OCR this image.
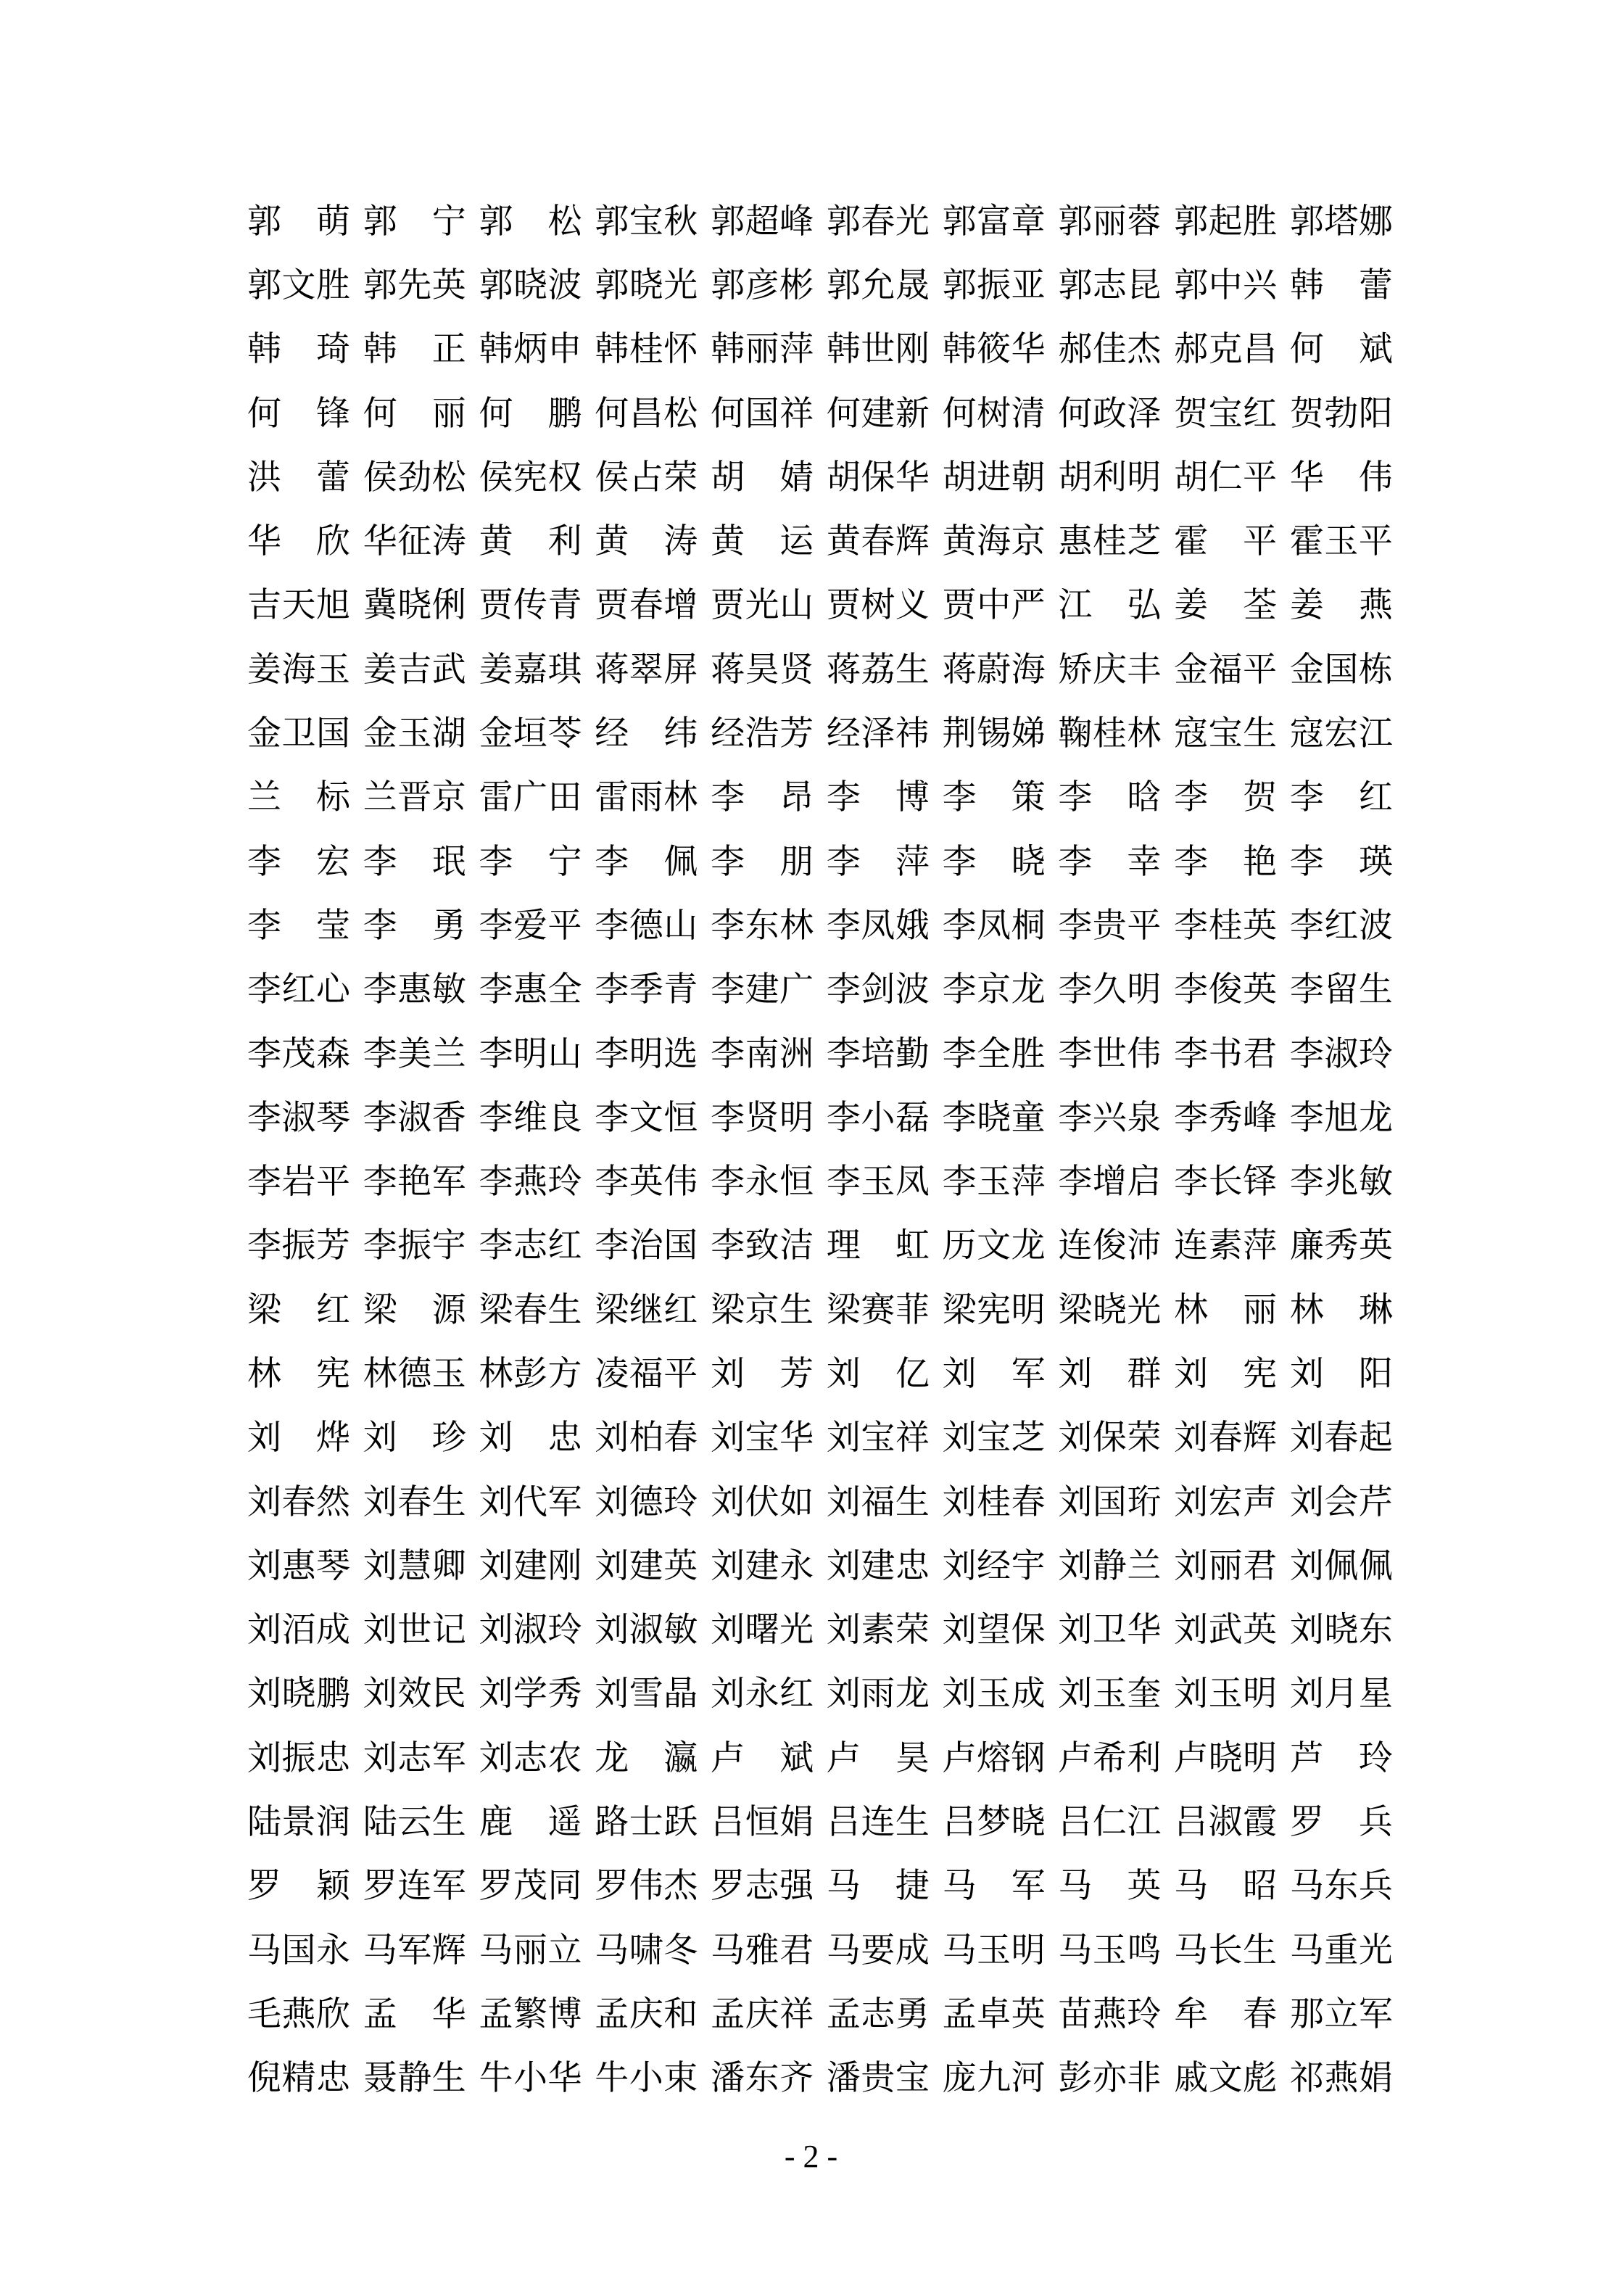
郭 萌 郭 宁 郭 松 郭 宝 秋 郭 超 峰 郭 春 光 郭 富 章 郭 丽 蓉 郭 起 胜 郭 塔 娜
郭 文 胜 郭 先 英 郭 晓 波 郭 晓 光 郭 彦 彬 郭 允 晟 郭 振 亚 郭 志 昆 郭 中 兴 韩 蕾
韩 琦 韩 正 韩 炳 申 韩 桂 怀 韩 丽 萍 韩 世 刚 韩 筱 华 郝 佳 杰 郝 克 昌 何 斌
何 锋 何 丽 何 鹏 何 昌 松 何 国 祥 何 建 新 何 树 清 何 政 泽 贺 宝 红 贺 勃 阳
洪 蕾 侯 劲 松 侯 宪 权 侯 占 荣 胡 婧 胡 保 华 胡 进 朝 胡 利 明 胡 仁 平 华 伟
华 欣 华 征 涛 黄 利 黄 涛 黄 运 黄 春 辉 黄 海 京 惠 桂 芝 霍 平 霍 玉 平
吉 天 旭 冀 晓 俐 贾 传 青 贾 春 增 贾 光 山 贾 树 义 贾 中 严 江 弘 姜 荃 姜 燕
姜 海 玉 姜 吉 武 姜 嘉 琪 蒋 翠 屏 蒋 昊 贤 蒋 荔 生 蒋 蔚 海 矫 庆 丰 金 福 平 金 国 栋
金 卫 国 金 玉 湖 金 垣 苓 经 纬 经 浩 芳 经 泽 祎 荆 锡 娣 鞠 桂 林 寇 宝 生 寇 宏 江
兰 标 兰 晋 京 雷 广 田 雷 雨 林 李 昂 李 博 李 策 李 晗 李 贺 李 红
李 宏 李 珉 李 宁 李 佩 李 朋 李 萍 李 晓 李 幸 李 艳 李 瑛
李 莹 李 勇 李 爱 平 李 德 山 李 东 林 李 凤 娥 李 凤 桐 李 贵 平 李 桂 英 李 红 波
李 红 心 李 惠 敏 李 惠 全 李 季 青 李 建 广 李 剑 波 李 京 龙 李 久 明 李 俊 英 李 留 生
李 茂 森 李 美 兰 李 明 山 李 明 选 李 南 洲 李 培 勤 李 全 胜 李 世 伟 李 书 君 李 淑 玲
李 淑 琴 李 淑 香 李 维 良 李 文 恒 李 贤 明 李 小 磊 李 晓 童 李 兴 泉 李 秀 峰 李 旭 龙
李 岩 平 李 艳 军 李 燕 玲 李 英 伟 李 永 恒 李 玉 凤 李 玉 萍 李 增 启 李 长 铎 李 兆 敏
李 振 芳 李 振 宇 李 志 红 李 治 国 李 致 洁 理 虹 历 文 龙 连 俊 沛 连 素 萍 廉 秀 英
梁 红 梁 源 梁 春 生 梁 继 红 梁 京 生 梁 赛 菲 梁 宪 明 梁 晓 光 林 丽 林 琳
林 宪 林 德 玉 林 彭 方 凌 福 平 刘 芳 刘 亿 刘 军 刘 群 刘 宪 刘 阳
刘 烨 刘 珍 刘 忠 刘 柏 春 刘 宝 华 刘 宝 祥 刘 宝 芝 刘 保 荣 刘 春 辉 刘 春 起
刘 春 然 刘 春 生 刘 代 军 刘 德 玲 刘 伏 如 刘 福 生 刘 桂 春 刘 国 珩 刘 宏 声 刘 会 芹
刘 惠 琴 刘 慧 卿 刘 建 刚 刘 建 英 刘 建 永 刘 建 忠 刘 经 宇 刘 静 兰 刘 丽 君 刘 佩 佩
刘 洦 成 刘 世 记 刘 淑 玲 刘 淑 敏 刘 曙 光 刘 素 荣 刘 望 保 刘 卫 华 刘 武 英 刘 晓 东
刘 晓 鹏 刘 效 民 刘 学 秀 刘 雪 晶 刘 永 红 刘 雨 龙 刘 玉 成 刘 玉 奎 刘 玉 明 刘 月 星
刘 振 忠 刘 志 军 刘 志 农 龙 瀛 卢 斌 卢 昊 卢 熔 钢 卢 希 利 卢 晓 明 芦 玲
陆 景 润 陆 云 生 鹿 遥 路 士 跃 吕 恒 娟 吕 连 生 吕 梦 晓 吕 仁 江 吕 淑 霞 罗 兵
罗 颖 罗 连 军 罗 茂 同 罗 伟 杰 罗 志 强 马 捷 马 军 马 英 马 昭 马 东 兵
马 国 永 马 军 辉 马 丽 立 马 啸 冬 马 雅 君 马 要 成 马 玉 明 马 玉 鸣 马 长 生 马 重 光
毛 燕 欣 孟 华 孟 繁 博 孟 庆 和 孟 庆 祥 孟 志 勇 孟 卓 英 苗 燕 玲 牟 春 那 立 军
倪 精 忠 聂 静 生 牛 小 华 牛 小 束 潘 东 齐 潘 贵 宝 庞 九 河 彭 亦 非 戚 文 彪 祁 燕 娟
- 2 -
